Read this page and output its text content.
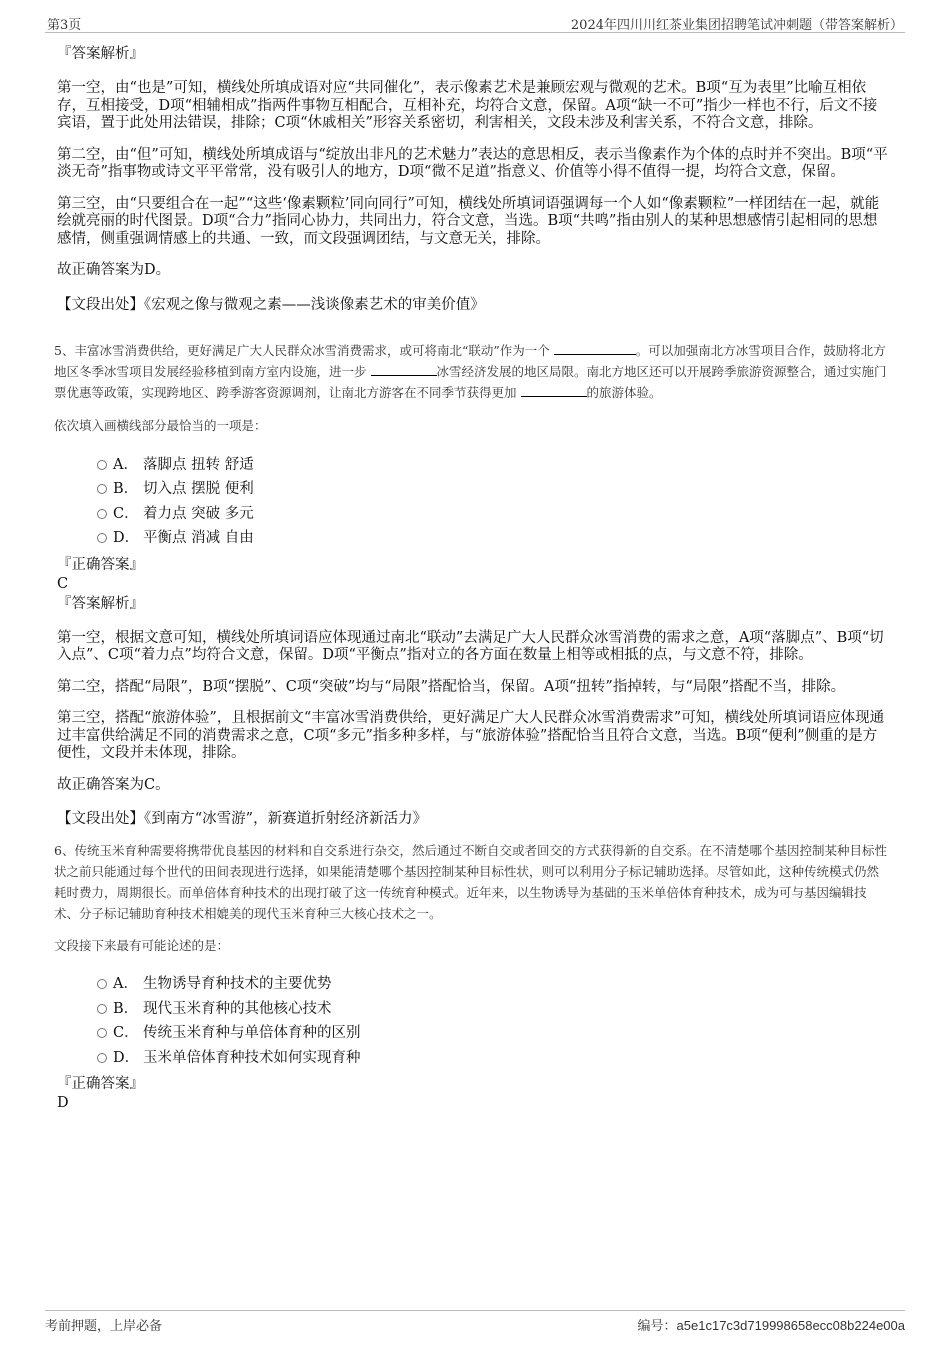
第3页	2024年四川川红茶业集团招聘笔试冲刺题（带答案解析）

『答案解析』

第一空，由“也是”可知，横线处所填成语对应“共同催化”，表示像素艺术是兼顾宏观与微观的艺术。B项“互为表里”比喻互相依存，互相接受，D项“相辅相成”指两件事物互相配合，互相补充，均符合文意，保留。A项“缺一不可”指少一样也不行，后文不接宾语，置于此处用法错误，排除；C项“休戚相关”形容关系密切，利害相关，文段未涉及利害关系，不符合文意，排除。

第二空，由“但”可知，横线处所填成语与“绽放出非凡的艺术魅力”表达的意思相反，表示当像素作为个体的点时并不突出。B项“平淡无奇”指事物或诗文平平常常，没有吸引人的地方，D项“微不足道”指意义、价值等小得不值得一提，均符合文意，保留。

第三空，由“只要组合在一起”“这些‘像素颗粒’同向同行”可知，横线处所填词语强调每一个人如“像素颗粒”一样团结在一起，就能绘就亮丽的时代图景。D项“合力”指同心协力，共同出力，符合文意，当选。B项“共鸣”指由别人的某种思想感情引起相同的思想感情，侧重强调情感上的共通、一致，而文段强调团结，与文意无关，排除。

故正确答案为D。

【文段出处】《宏观之像与微观之素——浅谈像素艺术的审美价值》

5、丰富冰雪消费供给，更好满足广大人民群众冰雪消费需求，或可将南北“联动”作为一个	。可以加强南北方冰雪项目合作，鼓励将北方地区冬季冰雪项目发展经验移植到南方室内设施，进一步	冰雪经济发展的地区局限。南北方地区还可以开展跨季旅游资源整合，通过实施门票优惠等政策，实现跨地区、跨季游客资源调剂，让南北方游客在不同季节获得更加	的旅游体验。

依次填入画横线部分最恰当的一项是：

A． 落脚点 扭转 舒适
B． 切入点 摆脱 便利
C． 着力点 突破 多元
D． 平衡点 消减 自由

『正确答案』

C

『答案解析』

第一空，根据文意可知，横线处所填词语应体现通过南北“联动”去满足广大人民群众冰雪消费的需求之意，A项“落脚点”、B项“切入点”、C项“着力点”均符合文意，保留。D项“平衡点”指对立的各方面在数量上相等或相抵的点，与文意不符，排除。

第二空，搭配“局限”，B项“摆脱”、C项“突破”均与“局限”搭配恰当，保留。A项“扭转”指掉转，与“局限”搭配不当，排除。

第三空，搭配“旅游体验”，且根据前文“丰富冰雪消费供给，更好满足广大人民群众冰雪消费需求”可知，横线处所填词语应体现通过丰富供给满足不同的消费需求之意，C项“多元”指多种多样，与“旅游体验”搭配恰当且符合文意，当选。B项“便利”侧重的是方便性，文段并未体现，排除。

故正确答案为C。

【文段出处】《到南方“冰雪游”，新赛道折射经济新活力》

6、传统玉米育种需要将携带优良基因的材料和自交系进行杂交，然后通过不断自交或者回交的方式获得新的自交系。在不清楚哪个基因控制某种目标性状之前只能通过每个世代的田间表现进行选择，如果能清楚哪个基因控制某种目标性状，则可以利用分子标记辅助选择。尽管如此，这种传统模式仍然耗时费力，周期很长。而单倍体育种技术的出现打破了这一传统育种模式。近年来，以生物诱导为基础的玉米单倍体育种技术，成为可与基因编辑技术、分子标记辅助育种技术相媲美的现代玉米育种三大核心技术之一。

文段接下来最有可能论述的是：

A． 生物诱导育种技术的主要优势
B． 现代玉米育种的其他核心技术
C． 传统玉米育种与单倍体育种的区别
D． 玉米单倍体育种技术如何实现育种

『正确答案』

D

考前押题，上岸必备	编号：a5e1c17c3d719998658ecc08b224e00a
